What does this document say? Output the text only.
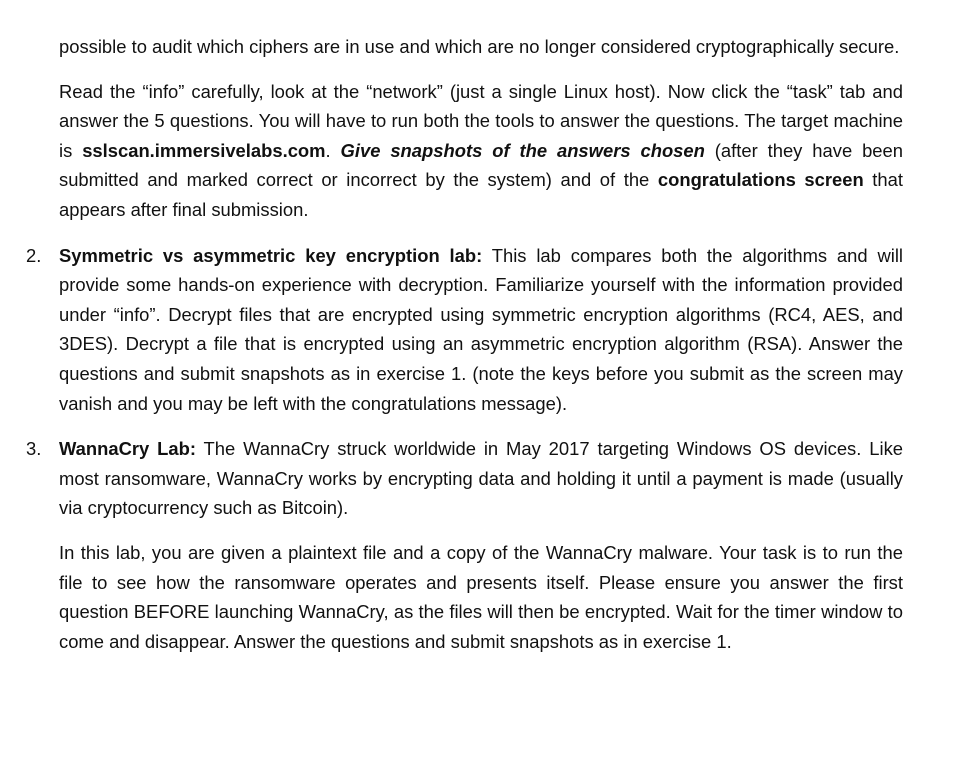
possible to audit which ciphers are in use and which are no longer considered cryptographically secure.

Read the “info” carefully, look at the “network” (just a single Linux host). Now click the “task” tab and answer the 5 questions. You will have to run both the tools to answer the questions. The target machine is sslscan.immersivelabs.com. Give snapshots of the answers chosen (after they have been submitted and marked correct or incorrect by the system) and of the congratulations screen that appears after final submission.

2. Symmetric vs asymmetric key encryption lab: This lab compares both the algorithms and will provide some hands-on experience with decryption. Familiarize yourself with the information provided under “info”. Decrypt files that are encrypted using symmetric encryption algorithms (RC4, AES, and 3DES). Decrypt a file that is encrypted using an asymmetric encryption algorithm (RSA). Answer the questions and submit snapshots as in exercise 1. (note the keys before you submit as the screen may vanish and you may be left with the congratulations message).

3. WannaCry Lab: The WannaCry struck worldwide in May 2017 targeting Windows OS devices. Like most ransomware, WannaCry works by encrypting data and holding it until a payment is made (usually via cryptocurrency such as Bitcoin).

In this lab, you are given a plaintext file and a copy of the WannaCry malware. Your task is to run the file to see how the ransomware operates and presents itself. Please ensure you answer the first question BEFORE launching WannaCry, as the files will then be encrypted. Wait for the timer window to come and disappear. Answer the questions and submit snapshots as in exercise 1.
